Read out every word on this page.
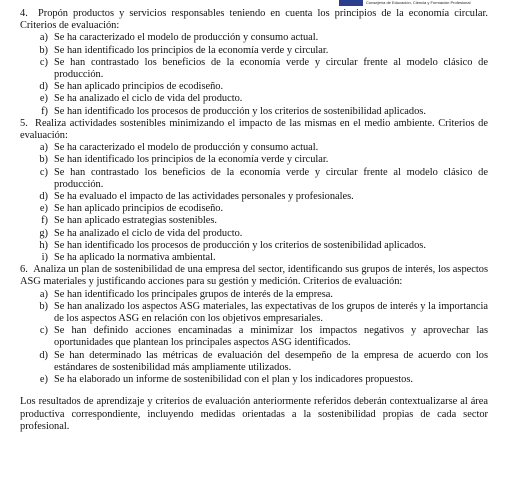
Consejería de Educación, Ciencia y Formación Profesional

4. Propón productos y servicios responsables teniendo en cuenta los principios de la economía circular. Criterios de evaluación:

a) Se ha caracterizado el modelo de producción y consumo actual.
b) Se han identificado los principios de la economía verde y circular.
c) Se han contrastado los beneficios de la economía verde y circular frente al modelo clásico de producción.
d) Se han aplicado principios de ecodiseño.
e) Se ha analizado el ciclo de vida del producto.
f) Se han identificado los procesos de producción y los criterios de sostenibilidad aplicados.

5. Realiza actividades sostenibles minimizando el impacto de las mismas en el medio ambiente. Criterios de evaluación:

a) Se ha caracterizado el modelo de producción y consumo actual.
b) Se han identificado los principios de la economía verde y circular.
c) Se han contrastado los beneficios de la economía verde y circular frente al modelo clásico de producción.
d) Se ha evaluado el impacto de las actividades personales y profesionales.
e) Se han aplicado principios de ecodiseño.
f) Se han aplicado estrategias sostenibles.
g) Se ha analizado el ciclo de vida del producto.
h) Se han identificado los procesos de producción y los criterios de sostenibilidad aplicados.
i) Se ha aplicado la normativa ambiental.

6. Analiza un plan de sostenibilidad de una empresa del sector, identificando sus grupos de interés, los aspectos ASG materiales y justificando acciones para su gestión y medición. Criterios de evaluación:

a) Se han identificado los principales grupos de interés de la empresa.
b) Se han analizado los aspectos ASG materiales, las expectativas de los grupos de interés y la importancia de los aspectos ASG en relación con los objetivos empresariales.
c) Se han definido acciones encaminadas a minimizar los impactos negativos y aprovechar las oportunidades que plantean los principales aspectos ASG identificados.
d) Se han determinado las métricas de evaluación del desempeño de la empresa de acuerdo con los estándares de sostenibilidad más ampliamente utilizados.
e) Se ha elaborado un informe de sostenibilidad con el plan y los indicadores propuestos.

Los resultados de aprendizaje y criterios de evaluación anteriormente referidos deberán contextualizarse al área productiva correspondiente, incluyendo medidas orientadas a la sostenibilidad propias de cada sector profesional.
